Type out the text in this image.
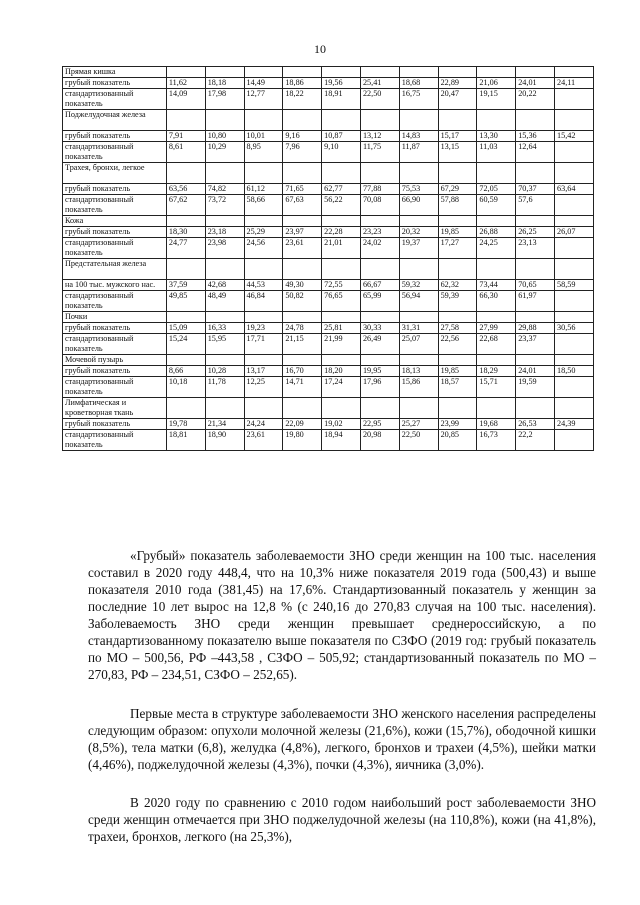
10
Прямая кишка											
грубый показатель	11,62	18,18	14,49	18,86	19,56	25,41	18,68	22,89	21,06	24,01	24,11
стандартизованный показатель	14,09	17,98	12,77	18,22	18,91	22,50	16,75	20,47	19,15	20,22	
Поджелудочная железа											
грубый показатель	7,91	10,80	10,01	9,16	10,87	13,12	14,83	15,17	13,30	15,36	15,42
стандартизованный показатель	8,61	10,29	8,95	7,96	9,10	11,75	11,87	13,15	11,03	12,64	
Трахея, бронхи, легкое											
грубый показатель	63,56	74,82	61,12	71,65	62,77	77,88	75,53	67,29	72,05	70,37	63,64
стандартизованный показатель	67,62	73,72	58,66	67,63	56,22	70,08	66,90	57,88	60,59	57,6	
Кожа											
грубый показатель	18,30	23,18	25,29	23,97	22,28	23,23	20,32	19,85	26,88	26,25	26,07
стандартизованный показатель	24,77	23,98	24,56	23,61	21,01	24,02	19,37	17,27	24,25	23,13	
Предстательная железа											
на 100 тыс. мужского нас.	37,59	42,68	44,53	49,30	72,55	66,67	59,32	62,32	73,44	70,65	58,59
стандартизованный показатель	49,85	48,49	46,84	50,82	76,65	65,99	56,94	59,39	66,30	61,97	
Почки											
грубый показатель	15,09	16,33	19,23	24,78	25,81	30,33	31,31	27,58	27,99	29,88	30,56
стандартизованный показатель	15,24	15,95	17,71	21,15	21,99	26,49	25,07	22,56	22,68	23,37	
Мочевой пузырь											
грубый показатель	8,66	10,28	13,17	16,70	18,20	19,95	18,13	19,85	18,29	24,01	18,50
стандартизованный показатель	10,18	11,78	12,25	14,71	17,24	17,96	15,86	18,57	15,71	19,59	
Лимфатическая и кроветворная ткань											
грубый показатель	19,78	21,34	24,24	22,09	19,02	22,95	25,27	23,99	19,68	26,53	24,39
стандартизованный показатель	18,81	18,90	23,61	19,80	18,94	20,98	22,50	20,85	16,73	22,2	

«Грубый» показатель заболеваемости ЗНО среди женщин на 100 тыс. населения составил в 2020 году 448,4, что на 10,3% ниже показателя 2019 года (500,43) и выше показателя 2010 года (381,45) на 17,6%. Стандартизованный показатель у женщин за последние 10 лет вырос на 12,8 % (с 240,16 до 270,83 случая на 100 тыс. населения). Заболеваемость ЗНО среди женщин превышает среднероссийскую, а по стандартизованному показателю выше показателя по СЗФО (2019 год: грубый показатель по МО – 500,56, РФ –443,58 , СЗФО – 505,92; стандартизованный показатель по МО – 270,83, РФ – 234,51, СЗФО – 252,65).

Первые места в структуре заболеваемости ЗНО женского населения распределены следующим образом: опухоли молочной железы (21,6%), кожи (15,7%), ободочной кишки (8,5%), тела матки (6,8), желудка (4,8%), легкого, бронхов и трахеи (4,5%), шейки матки (4,46%), поджелудочной железы (4,3%), почки (4,3%), яичника (3,0%).

В 2020 году по сравнению с 2010 годом наибольший рост заболеваемости ЗНО среди женщин отмечается при ЗНО поджелудочной железы (на 110,8%), кожи (на 41,8%), трахеи, бронхов, легкого (на 25,3%),
